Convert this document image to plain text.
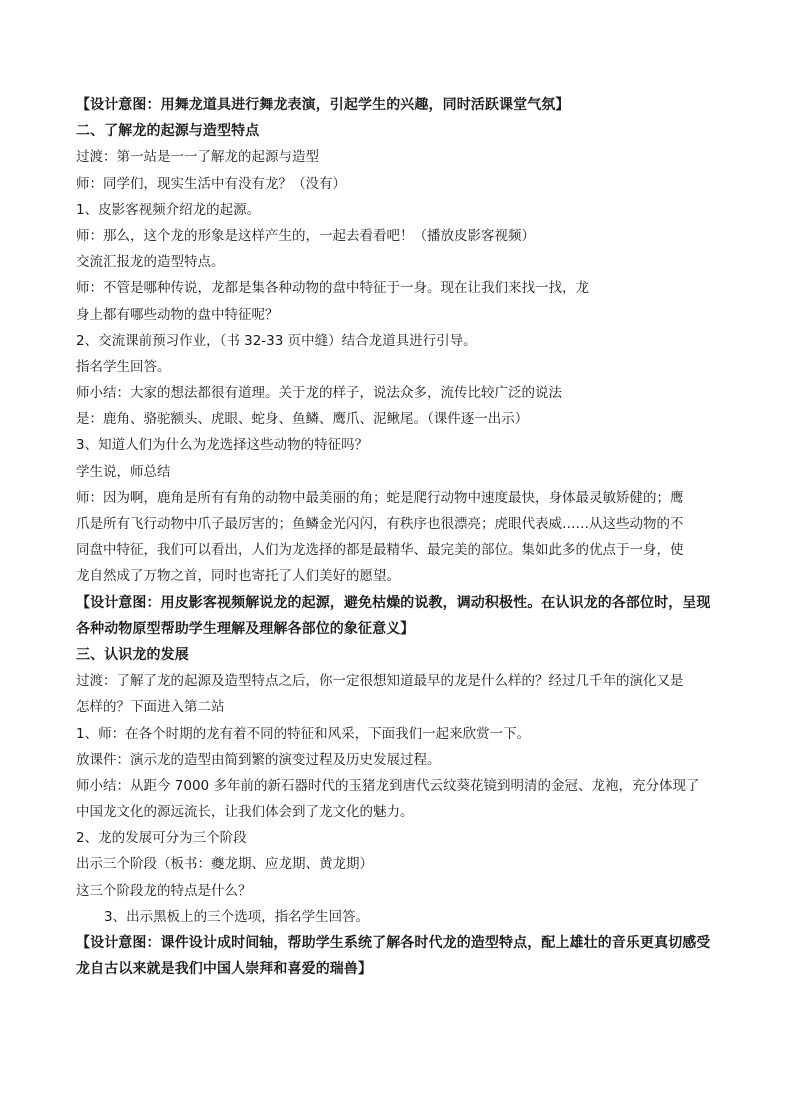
【设计意图：用舞龙道具进行舞龙表演，引起学生的兴趣，同时活跃课堂气氛】
二、了解龙的起源与造型特点
过渡：第一站是一一了解龙的起源与造型
师：同学们，现实生活中有没有龙？（没有）
1、皮影客视频介绍龙的起源。
师：那么，这个龙的形象是这样产生的，一起去看看吧！（播放皮影客视频）
交流汇报龙的造型特点。
师：不管是哪种传说，龙都是集各种动物的盘中特征于一身。现在让我们来找一找，龙
身上都有哪些动物的盘中特征呢？
2、交流课前预习作业，（书 32-33 页中缝）结合龙道具进行引导。
指名学生回答。
师小结：大家的想法都很有道理。关于龙的样子，说法众多，流传比较广泛的说法
是：鹿角、骆驼额头、虎眼、蛇身、鱼鳞、鹰爪、泥鳅尾。（课件逐一出示）
3、知道人们为什么为龙选择这些动物的特征吗？
学生说，师总结
师：因为啊，鹿角是所有有角的动物中最美丽的角；蛇是爬行动物中速度最快，身体最灵敏矫健的；鹰
爪是所有飞行动物中爪子最厉害的；鱼鳞金光闪闪，有秩序也很漂亮；虎眼代表威……从这些动物的不
同盘中特征，我们可以看出，人们为龙选择的都是最精华、最完美的部位。集如此多的优点于一身，使
龙自然成了万物之首，同时也寄托了人们美好的愿望。
【设计意图：用皮影客视频解说龙的起源，避免枯燥的说教，调动积极性。在认识龙的各部位时，呈现
各种动物原型帮助学生理解及理解各部位的象征意义】
三、认识龙的发展
过渡：了解了龙的起源及造型特点之后，你一定很想知道最早的龙是什么样的？经过几千年的演化又是
怎样的？下面进入第二站
1、师：在各个时期的龙有着不同的特征和风采，下面我们一起来欣赏一下。
放课件：演示龙的造型由简到繁的演变过程及历史发展过程。
师小结：从距今 7000 多年前的新石器时代的玉猪龙到唐代云纹葵花镜到明清的金冠、龙袍，充分体现了
中国龙文化的源远流长，让我们体会到了龙文化的魅力。
2、龙的发展可分为三个阶段
出示三个阶段（板书：夔龙期、应龙期、黄龙期）
这三个阶段龙的特点是什么？
3、出示黑板上的三个选项，指名学生回答。
【设计意图：课件设计成时间轴，帮助学生系统了解各时代龙的造型特点，配上雄壮的音乐更真切感受
龙自古以来就是我们中国人崇拜和喜爱的瑞兽】
